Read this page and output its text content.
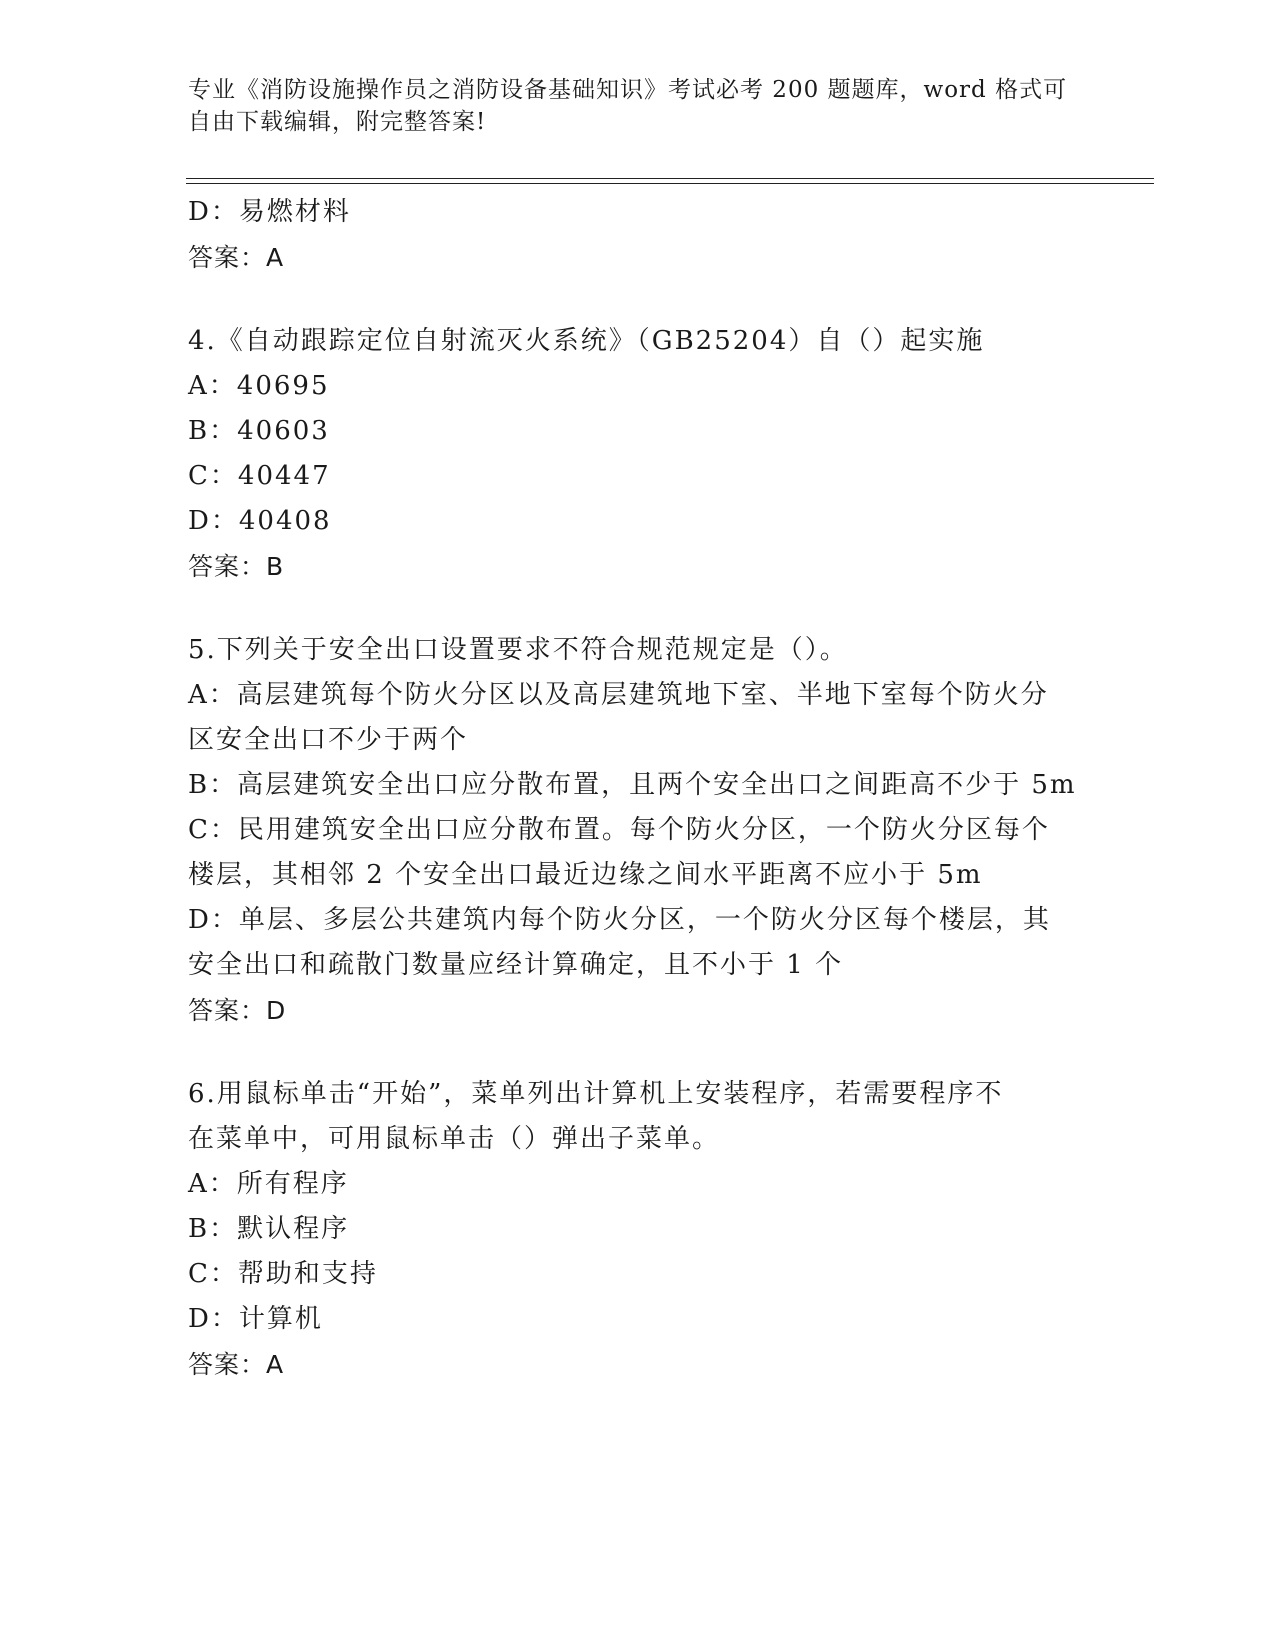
专业《消防设施操作员之消防设备基础知识》考试必考 200 题题库，word 格式可
自由下载编辑，附完整答案!
D：易燃材料
答案：A
4.《自动跟踪定位自射流灭火系统》（GB25204）自（）起实施
A：40695
B：40603
C：40447
D：40408
答案：B
5.下列关于安全出口设置要求不符合规范规定是（）。
A：高层建筑每个防火分区以及高层建筑地下室、半地下室每个防火分
区安全出口不少于两个
B：高层建筑安全出口应分散布置，且两个安全出口之间距高不少于 5m
C：民用建筑安全出口应分散布置。每个防火分区，一个防火分区每个
楼层，其相邻 2 个安全出口最近边缘之间水平距离不应小于 5m
D：单层、多层公共建筑内每个防火分区，一个防火分区每个楼层，其
安全出口和疏散门数量应经计算确定，且不小于 1 个
答案：D
6.用鼠标单击“开始”，菜单列出计算机上安装程序，若需要程序不
在菜单中，可用鼠标单击（）弹出子菜单。
A：所有程序
B：默认程序
C：帮助和支持
D：计算机
答案：A
